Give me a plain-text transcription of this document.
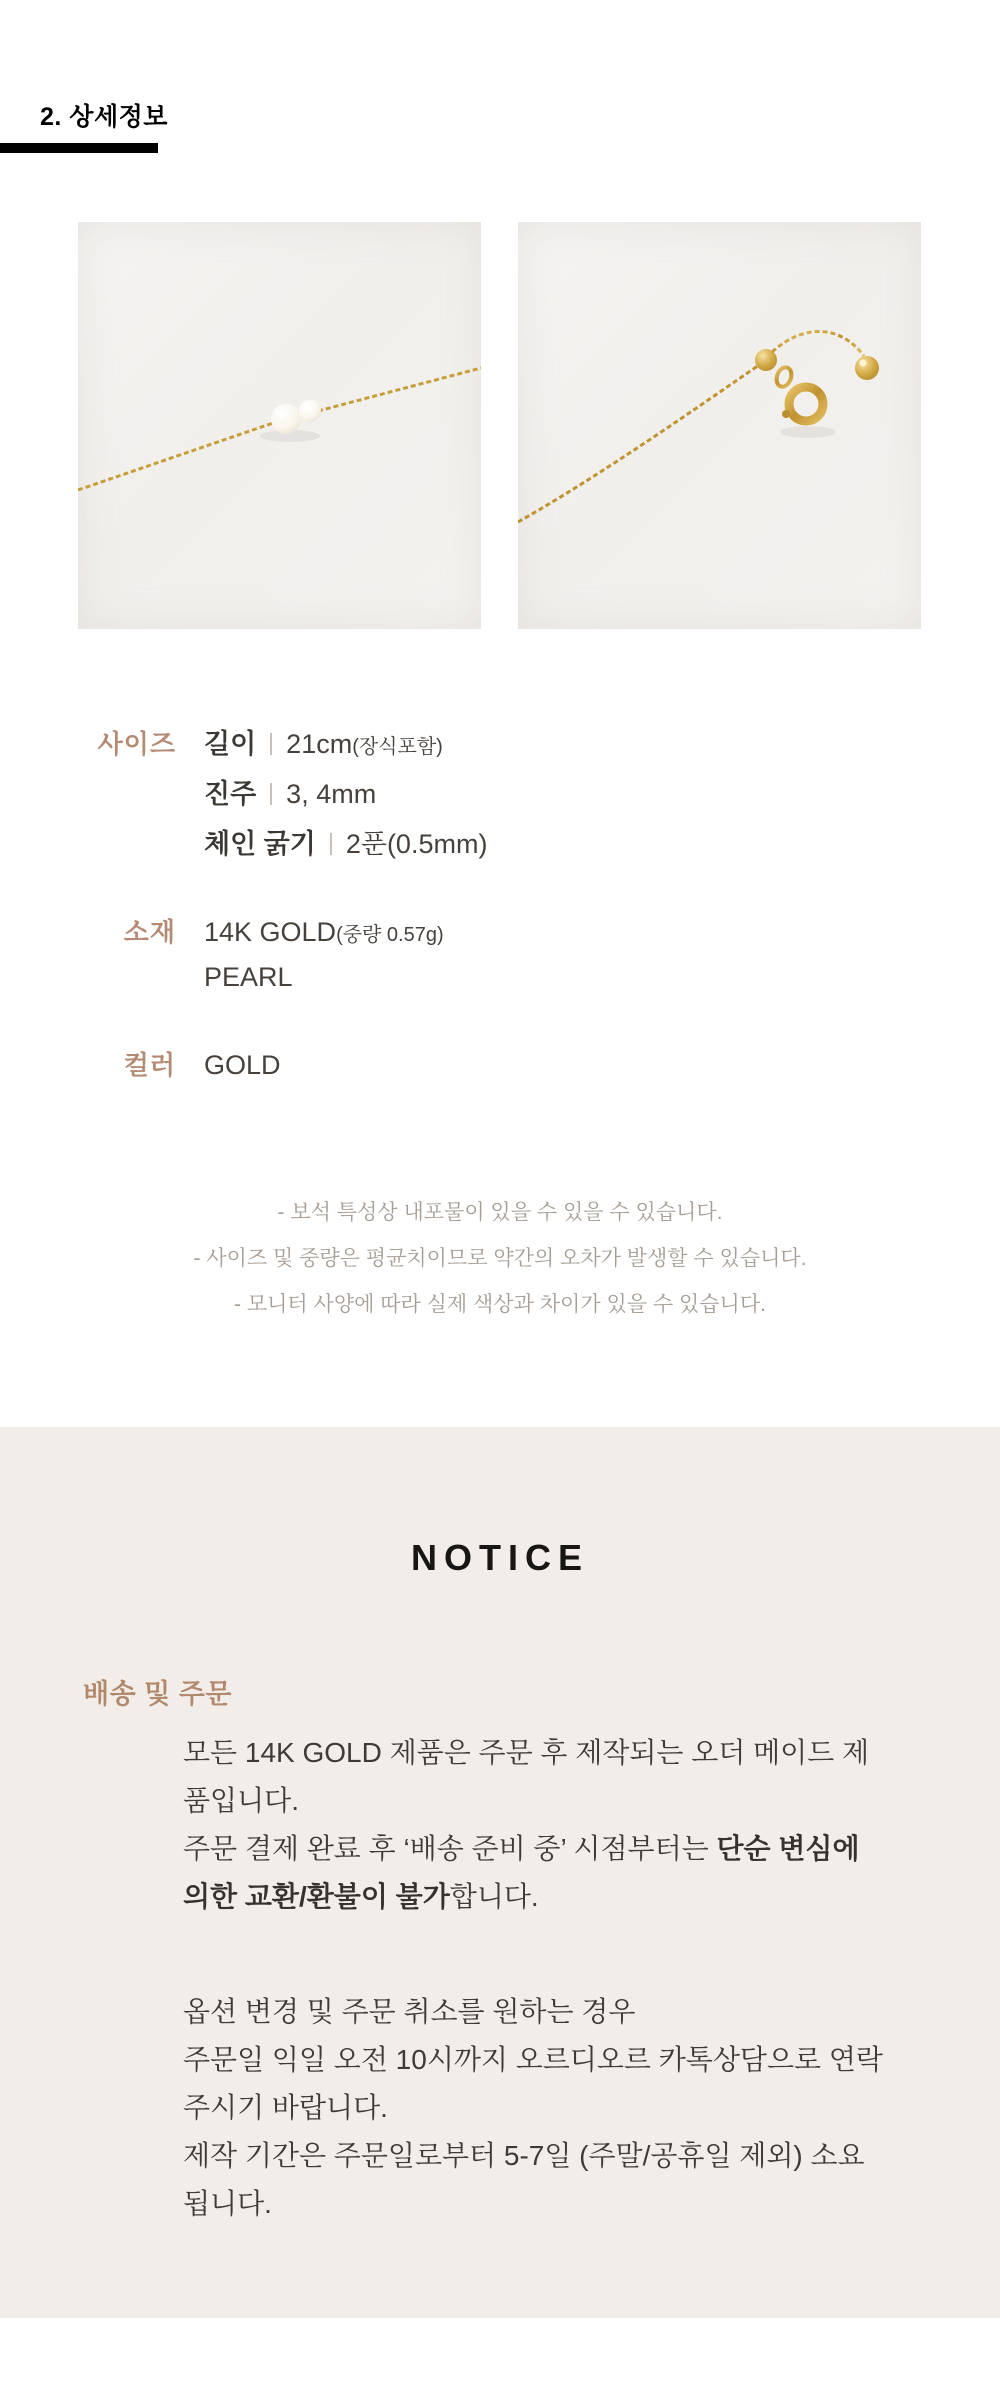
2. 상세정보
사이즈 길이 21cm(장식포함)
진주 3, 4mm
체인 굵기 2푼(0.5mm)
소재 14K GOLD(중량 0.57g)
PEARL
컬러 GOLD
- 보석 특성상 내포물이 있을 수 있을 수 있습니다.
- 사이즈 및 중량은 평균치이므로 약간의 오차가 발생할 수 있습니다.
- 모니터 사양에 따라 실제 색상과 차이가 있을 수 있습니다.
NOTICE
배송 및 주문
모든 14K GOLD 제품은 주문 후 제작되는 오더 메이드 제
품입니다.
주문 결제 완료 후 ‘배송 준비 중’ 시점부터는 단순 변심에
의한 교환/환불이 불가합니다.
옵션 변경 및 주문 취소를 원하는 경우
주문일 익일 오전 10시까지 오르디오르 카톡상담으로 연락
주시기 바랍니다.
제작 기간은 주문일로부터 5-7일 (주말/공휴일 제외) 소요
됩니다.
